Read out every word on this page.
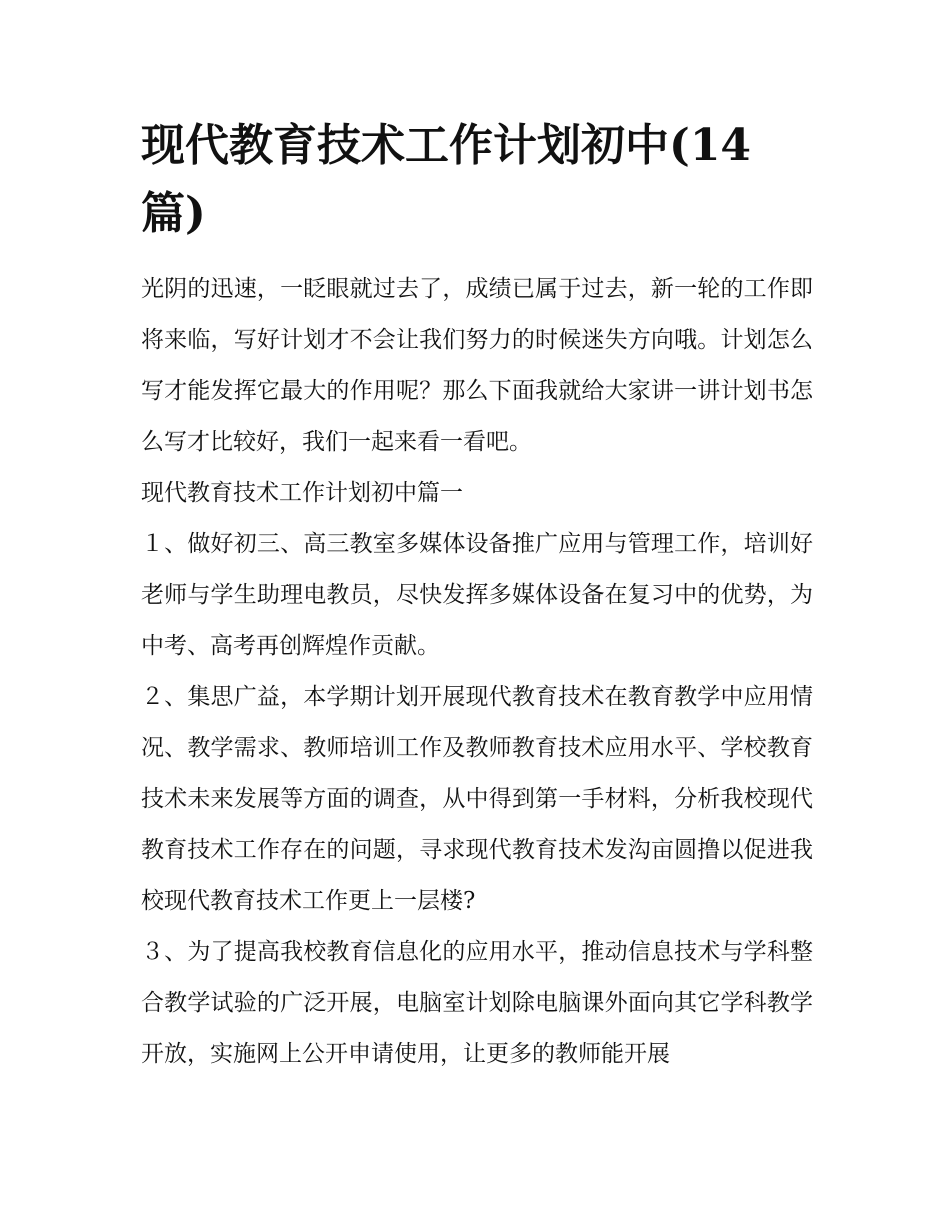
现代教育技术工作计划初中(14篇)

光阴的迅速，一眨眼就过去了，成绩已属于过去，新一轮的工作即将来临，写好计划才不会让我们努力的时候迷失方向哦。计划怎么写才能发挥它最大的作用呢？那么下面我就给大家讲一讲计划书怎么写才比较好，我们一起来看一看吧。

现代教育技术工作计划初中篇一

１、做好初三、高三教室多媒体设备推广应用与管理工作，培训好老师与学生助理电教员，尽快发挥多媒体设备在复习中的优势，为中考、高考再创辉煌作贡献。

２、集思广益，本学期计划开展现代教育技术在教育教学中应用情况、教学需求、教师培训工作及教师教育技术应用水平、学校教育技术未来发展等方面的调查，从中得到第一手材料，分析我校现代教育技术工作存在的问题，寻求现代教育技术发沟亩圆撸以促进我校现代教育技术工作更上一层楼?

３、为了提高我校教育信息化的应用水平，推动信息技术与学科整合教学试验的广泛开展，电脑室计划除电脑课外面向其它学科教学开放，实施网上公开申请使用，让更多的教师能开展
